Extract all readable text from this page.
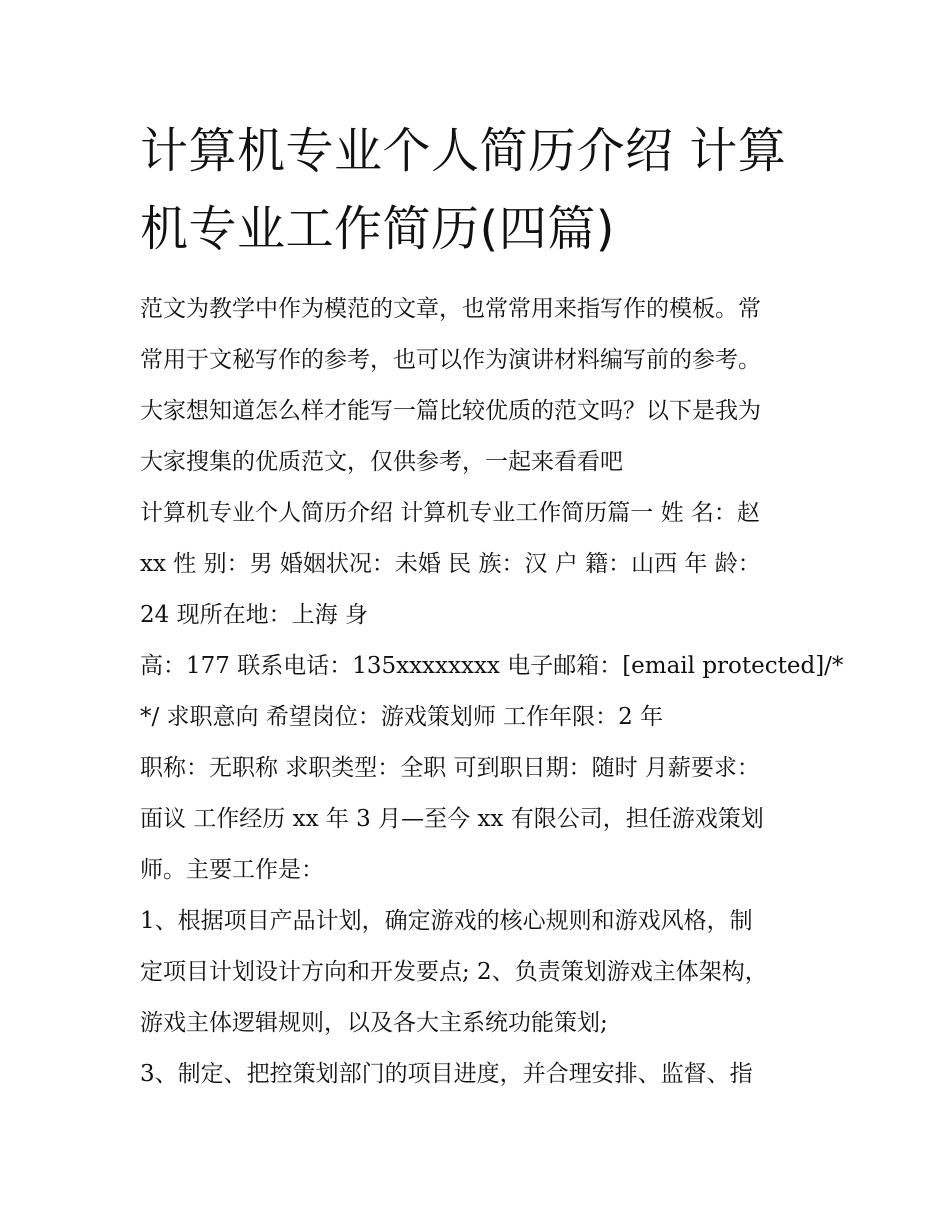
计算机专业个人简历介绍 计算
机专业工作简历(四篇)

范文为教学中作为模范的文章，也常常用来指写作的模板。常
常用于文秘写作的参考，也可以作为演讲材料编写前的参考。
大家想知道怎么样才能写一篇比较优质的范文吗？以下是我为
大家搜集的优质范文，仅供参考，一起来看看吧

计算机专业个人简历介绍 计算机专业工作简历篇一 姓 名：赵
xx 性 别：男 婚姻状况：未婚 民 族：汉 户 籍：山西 年 龄：
24 现所在地：上海 身

高：177 联系电话：135xxxxxxxx 电子邮箱：[email protected]/*
*/ 求职意向 希望岗位：游戏策划师 工作年限：2 年

职称：无职称 求职类型：全职 可到职日期：随时 月薪要求：
面议 工作经历 xx 年 3 月—至今 xx 有限公司，担任游戏策划
师。主要工作是：

1、根据项目产品计划，确定游戏的核心规则和游戏风格，制
定项目计划设计方向和开发要点; 2、负责策划游戏主体架构，
游戏主体逻辑规则，以及各大主系统功能策划;

3、制定、把控策划部门的项目进度，并合理安排、监督、指
